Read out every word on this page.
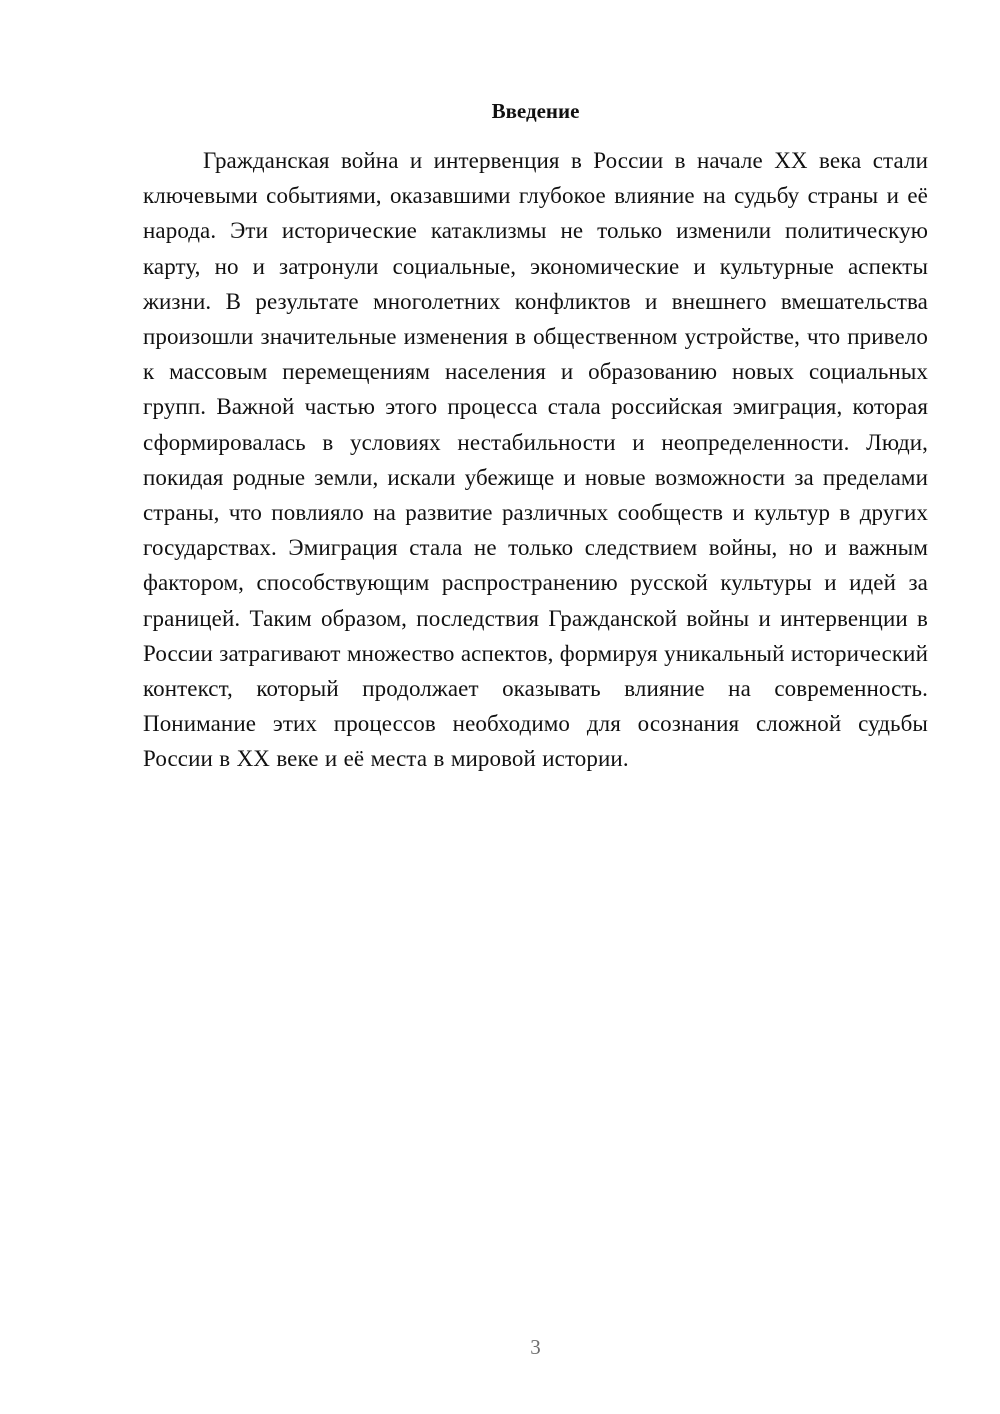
Введение

Гражданская война и интервенция в России в начале XX века стали ключевыми событиями, оказавшими глубокое влияние на судьбу страны и её народа. Эти исторические катаклизмы не только изменили политическую карту, но и затронули социальные, экономические и культурные аспекты жизни. В результате многолетних конфликтов и внешнего вмешательства произошли значительные изменения в общественном устройстве, что привело к массовым перемещениям населения и образованию новых социальных групп. Важной частью этого процесса стала российская эмиграция, которая сформировалась в условиях нестабильности и неопределенности. Люди, покидая родные земли, искали убежище и новые возможности за пределами страны, что повлияло на развитие различных сообществ и культур в других государствах. Эмиграция стала не только следствием войны, но и важным фактором, способствующим распространению русской культуры и идей за границей. Таким образом, последствия Гражданской войны и интервенции в России затрагивают множество аспектов, формируя уникальный исторический контекст, который продолжает оказывать влияние на современность. Понимание этих процессов необходимо для осознания сложной судьбы России в XX веке и её места в мировой истории.

3
